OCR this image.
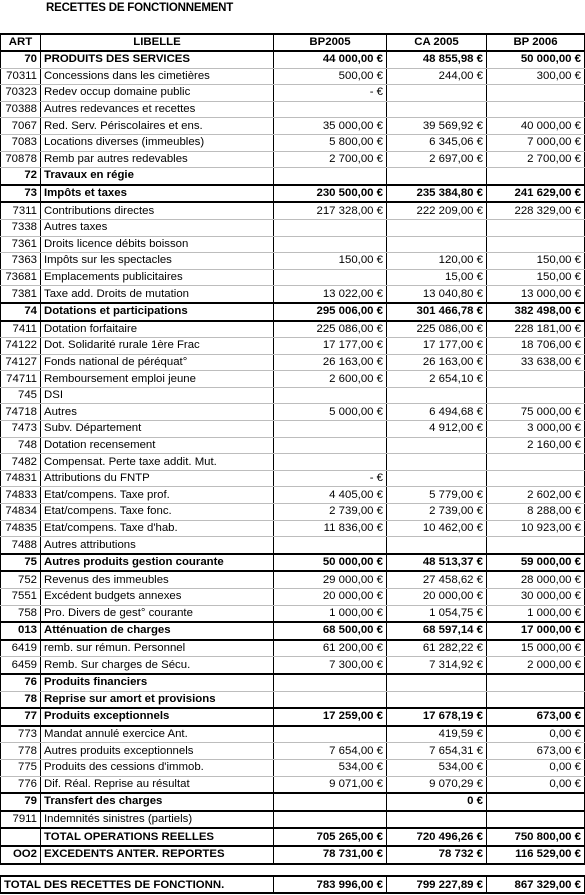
RECETTES DE FONCTIONNEMENT
ART	LIBELLE	BP2005	CA 2005	BP 2006
70	PRODUITS DES SERVICES	44 000,00 €	48 855,98 €	50 000,00 €
70311	Concessions dans les cimetières	500,00 €	244,00 €	300,00 €
70323	Redev occup domaine public	- €		
70388	Autres redevances et recettes			
7067	Red. Serv. Périscolaires et ens.	35 000,00 €	39 569,92 €	40 000,00 €
7083	Locations diverses (immeubles)	5 800,00 €	6 345,06 €	7 000,00 €
70878	Remb par autres redevables	2 700,00 €	2 697,00 €	2 700,00 €
72	Travaux en régie			
73	Impôts et taxes	230 500,00 €	235 384,80 €	241 629,00 €
7311	Contributions directes	217 328,00 €	222 209,00 €	228 329,00 €
7338	Autres taxes			
7361	Droits licence débits boisson			
7363	Impôts sur les spectacles	150,00 €	120,00 €	150,00 €
73681	Emplacements publicitaires		15,00 €	150,00 €
7381	Taxe add. Droits de mutation	13 022,00 €	13 040,80 €	13 000,00 €
74	Dotations et participations	295 006,00 €	301 466,78 €	382 498,00 €
7411	Dotation forfaitaire	225 086,00 €	225 086,00 €	228 181,00 €
74122	Dot. Solidarité rurale 1ère Frac	17 177,00 €	17 177,00 €	18 706,00 €
74127	Fonds national de péréquat°	26 163,00 €	26 163,00 €	33 638,00 €
74711	Remboursement emploi jeune	2 600,00 €	2 654,10 €	
745	DSI			
74718	Autres	5 000,00 €	6 494,68 €	75 000,00 €
7473	Subv. Département		4 912,00 €	3 000,00 €
748	Dotation recensement			2 160,00 €
7482	Compensat. Perte taxe addit. Mut.			
74831	Attributions du FNTP	- €		
74833	Etat/compens. Taxe prof.	4 405,00 €	5 779,00 €	2 602,00 €
74834	Etat/compens. Taxe fonc.	2 739,00 €	2 739,00 €	8 288,00 €
74835	Etat/compens. Taxe d'hab.	11 836,00 €	10 462,00 €	10 923,00 €
7488	Autres attributions			
75	Autres produits gestion courante	50 000,00 €	48 513,37 €	59 000,00 €
752	Revenus des immeubles	29 000,00 €	27 458,62 €	28 000,00 €
7551	Excédent budgets annexes	20 000,00 €	20 000,00 €	30 000,00 €
758	Pro. Divers de gest° courante	1 000,00 €	1 054,75 €	1 000,00 €
013	Atténuation de charges	68 500,00 €	68 597,14 €	17 000,00 €
6419	remb. sur rémun. Personnel	61 200,00 €	61 282,22 €	15 000,00 €
6459	Remb. Sur charges de Sécu.	7 300,00 €	7 314,92 €	2 000,00 €
76	Produits financiers			
78	Reprise sur amort et provisions			
77	Produits exceptionnels	17 259,00 €	17 678,19 €	673,00 €
773	Mandat annulé exercice Ant.		419,59 €	0,00 €
778	Autres produits exceptionnels	7 654,00 €	7 654,31 €	673,00 €
775	Produits des cessions d'immob.	534,00 €	534,00 €	0,00 €
776	Dif. Réal. Reprise au résultat	9 071,00 €	9 070,29 €	0,00 €
79	Transfert des charges		0 €	
7911	Indemnités sinistres (partiels)			
	TOTAL OPERATIONS REELLES	705 265,00 €	720 496,26 €	750 800,00 €
OO2	EXCEDENTS ANTER. REPORTES	78 731,00 €	78 732 €	116 529,00 €
TOTAL DES RECETTES DE FONCTIONN.	783 996,00 €	799 227,89 €	867 329,00 €
